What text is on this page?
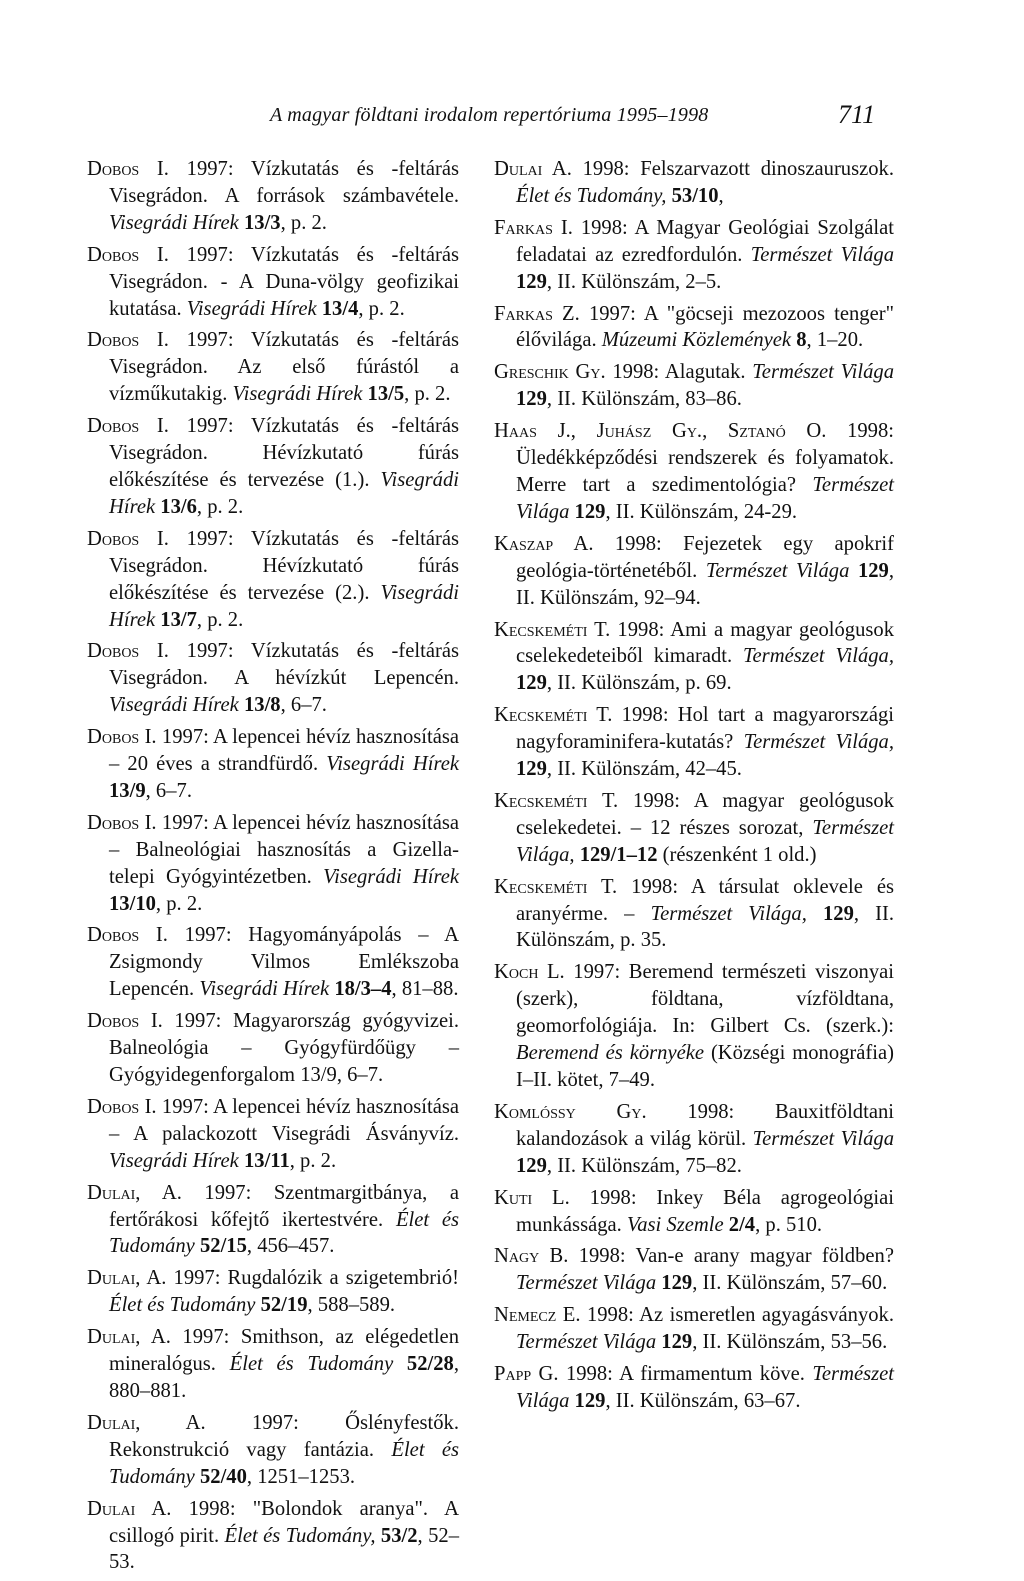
A magyar földtani irodalom repertóriuma 1995–1998	711

Dobos I. 1997: Vízkutatás és -feltárás Visegrádon. A források számbavétele. Visegrádi Hírek 13/3, p. 2.

Dobos I. 1997: Vízkutatás és -feltárás Visegrádon. - A Duna-völgy geofizikai kutatása. Visegrádi Hírek 13/4, p. 2.

Dobos I. 1997: Vízkutatás és -feltárás Visegrádon. Az első fúrástól a vízműkutakig. Visegrádi Hírek 13/5, p. 2.

Dobos I. 1997: Vízkutatás és -feltárás Visegrádon. Hévízkutató fúrás előkészítése és tervezése (1.). Visegrádi Hírek 13/6, p. 2.

Dobos I. 1997: Vízkutatás és -feltárás Visegrádon. Hévízkutató fúrás előkészítése és tervezése (2.). Visegrádi Hírek 13/7, p. 2.

Dobos I. 1997: Vízkutatás és -feltárás Visegrádon. A hévízkút Lepencén. Visegrádi Hírek 13/8, 6–7.

Dobos I. 1997: A lepencei hévíz hasznosítása – 20 éves a strandfürdő. Visegrádi Hírek 13/9, 6–7.

Dobos I. 1997: A lepencei hévíz hasznosítása – Balneológiai hasznosítás a Gizella-telepi Gyógyintézetben. Visegrádi Hírek 13/10, p. 2.

Dobos I. 1997: Hagyományápolás – A Zsigmondy Vilmos Emlékszoba Lepencén. Visegrádi Hírek 18/3–4, 81–88.

Dobos I. 1997: Magyarország gyógyvizei. Balneológia – Gyógyfürdőügy – Gyógyidegenforgalom 13/9, 6–7.

Dobos I. 1997: A lepencei hévíz hasznosítása – A palackozott Visegrádi Ásványvíz. Visegrádi Hírek 13/11, p. 2.

Dulai, A. 1997: Szentmargitbánya, a fertőrákosi kőfejtő ikertestvére. Élet és Tudomány 52/15, 456–457.

Dulai, A. 1997: Rugdalózik a szigetembrió! Élet és Tudomány 52/19, 588–589.

Dulai, A. 1997: Smithson, az elégedetlen mineralógus. Élet és Tudomány 52/28, 880–881.

Dulai, A. 1997: Őslényfestők. Rekonstrukció vagy fantázia. Élet és Tudomány 52/40, 1251–1253.

Dulai A. 1998: "Bolondok aranya". A csillogó pirit. Élet és Tudomány, 53/2, 52–53.

Dulai A. 1998: Felszarvazott dinoszauruszok. Élet és Tudomány, 53/10,

Farkas I. 1998: A Magyar Geológiai Szolgálat feladatai az ezredfordulón. Természet Világa 129, II. Különszám, 2–5.

Farkas Z. 1997: A "göcseji mezozoos tenger" élővilága. Múzeumi Közlemények 8, 1–20.

Greschik Gy. 1998: Alagutak. Természet Világa 129, II. Különszám, 83–86.

Haas J., Juhász Gy., Sztanó O. 1998: Üledékképződési rendszerek és folyamatok. Merre tart a szedimentológia? Természet Világa 129, II. Különszám, 24-29.

Kaszap A. 1998: Fejezetek egy apokrif geológia-történetéből. Természet Világa 129, II. Különszám, 92–94.

Kecskeméti T. 1998: Ami a magyar geológusok cselekedeteiből kimaradt. Természet Világa, 129, II. Különszám, p. 69.

Kecskeméti T. 1998: Hol tart a magyarországi nagyforaminifera-kutatás? Természet Világa, 129, II. Különszám, 42–45.

Kecskeméti T. 1998: A magyar geológusok cselekedetei. – 12 részes sorozat, Természet Világa, 129/1–12 (részenként 1 old.)

Kecskeméti T. 1998: A társulat oklevele és aranyérme. – Természet Világa, 129, II. Különszám, p. 35.

Koch L. 1997: Beremend természeti viszonyai (szerk), földtana, vízföldtana, geomorfológiája. In: Gilbert Cs. (szerk.): Beremend és környéke (Községi monográfia) I–II. kötet, 7–49.

Komlóssy Gy. 1998: Bauxitföldtani kalandozások a világ körül. Természet Világa 129, II. Különszám, 75–82.

Kuti L. 1998: Inkey Béla agrogeológiai munkássága. Vasi Szemle 2/4, p. 510.

Nagy B. 1998: Van-e arany magyar földben? Természet Világa 129, II. Különszám, 57–60.

Nemecz E. 1998: Az ismeretlen agyagásványok. Természet Világa 129, II. Különszám, 53–56.

Papp G. 1998: A firmamentum köve. Természet Világa 129, II. Különszám, 63–67.
